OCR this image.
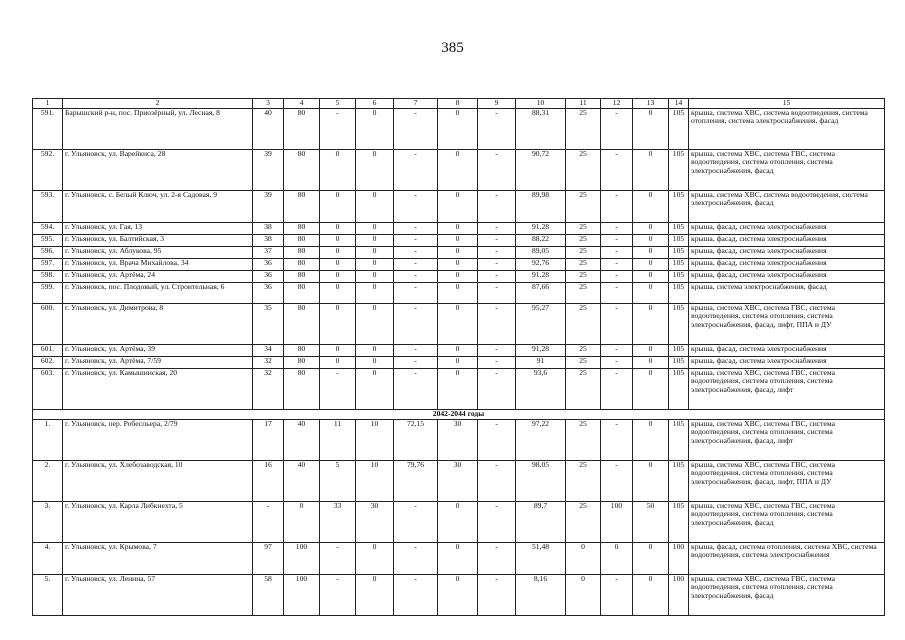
385
1	2	3	4	5	6	7	8	9	10	11	12	13	14	15
591.	Барышский р-н, пос. Приозёрный, ул. Лесная, 8	40	80	-	0	-	0	-	88,31	25	-	0	105	крыша, система ХВС, система водоотведения, система отопления, система электроснабжения, фасад
592.	г. Ульяновск, ул. Варейкиса, 28	39	80	0	0	-	0	-	90,72	25	-	0	105	крыша, система ХВС, система ГВС, система водоотведения, система отопления, система электроснабжения, фасад
593.	г. Ульяновск, с. Белый Ключ, ул. 2-я Садовая, 9	39	80	0	0	-	0	-	89,98	25	-	0	105	крыша, система ХВС, система водоотведения, система электроснабжения, фасад
594.	г. Ульяновск, ул. Гая, 13	38	80	0	0	-	0	-	91,28	25	-	0	105	крыша, фасад, система электроснабжения
595.	г. Ульяновск, ул. Балтийская, 3	38	80	0	0	-	0	-	88,22	25	-	0	105	крыша, фасад, система электроснабжения
596.	г. Ульяновск, ул. Аблукова, 95	37	80	0	0	-	0	-	89,05	25	-	0	105	крыша, фасад, система электроснабжения
597.	г. Ульяновск, ул. Врача Михайлова, 34	36	80	0	0	-	0	-	92,76	25	-	0	105	крыша, фасад, система электроснабжения
598.	г. Ульяновск, ул. Артёма, 24	36	80	0	0	-	0	-	91,28	25	-	0	105	крыша, фасад, система электроснабжения
599.	г. Ульяновск, пос. Плодовый, ул. Строительная, 6	36	80	0	0	-	0	-	87,66	25	-	0	105	крыша, система электроснабжения, фасад
600.	г. Ульяновск, ул. Димитрова, 8	35	80	0	0	-	0	-	95,27	25	-	0	105	крыша, система ХВС, система ГВС, система водоотведения, система отопления, система электроснабжения, фасад, лифт, ППА и ДУ
601.	г. Ульяновск, ул. Артёма, 39	34	80	0	0	-	0	-	91,28	25	-	0	105	крыша, фасад, система электроснабжения
602.	г. Ульяновск, ул. Артёма, 7/59	32	80	0	0	-	0	-	91	25	-	0	105	крыша, фасад, система электроснабжения
603.	г. Ульяновск, ул. Камышинская, 20	32	80	-	0	-	0	-	93,6	25	-	0	105	крыша, система ХВС, система ГВС, система водоотведения, система отопления, система электроснабжения, фасад, лифт
2042-2044 годы														
1.	г. Ульяновск, пер. Робеспьера, 2/79	17	40	11	10	72,15	30	-	97,22	25	-	0	105	крыша, система ХВС, система ГВС, система водоотведения, система отопления, система электроснабжения, фасад, лифт
2.	г. Ульяновск, ул. Хлебозаводская, 10	16	40	5	10	79,76	30	-	98,05	25	-	0	105	крыша, система ХВС, система ГВС, система водоотведения, система отопления, система электроснабжения, фасад, лифт, ППА и ДУ
3.	г. Ульяновск, ул. Карла Либкнехта, 5	-	0	33	30	-	0	-	89,7	25	100	50	105	крыша, система ХВС, система ГВС, система водоотведения, система отопления, система электроснабжения, фасад
4.	г. Ульяновск, ул. Крымова, 7	97	100	-	0	-	0	-	51,48	0	0	0	100	крыша, фасад, система отопления, система ХВС, система водоотведения, система электроснабжения
5.	г. Ульяновск, ул. Ленина, 57	58	100	-	0	-	0	-	8,16	0	-	0	100	крыша, система ХВС, система ГВС, система водоотведения, система отопления, система электроснабжения, фасад
